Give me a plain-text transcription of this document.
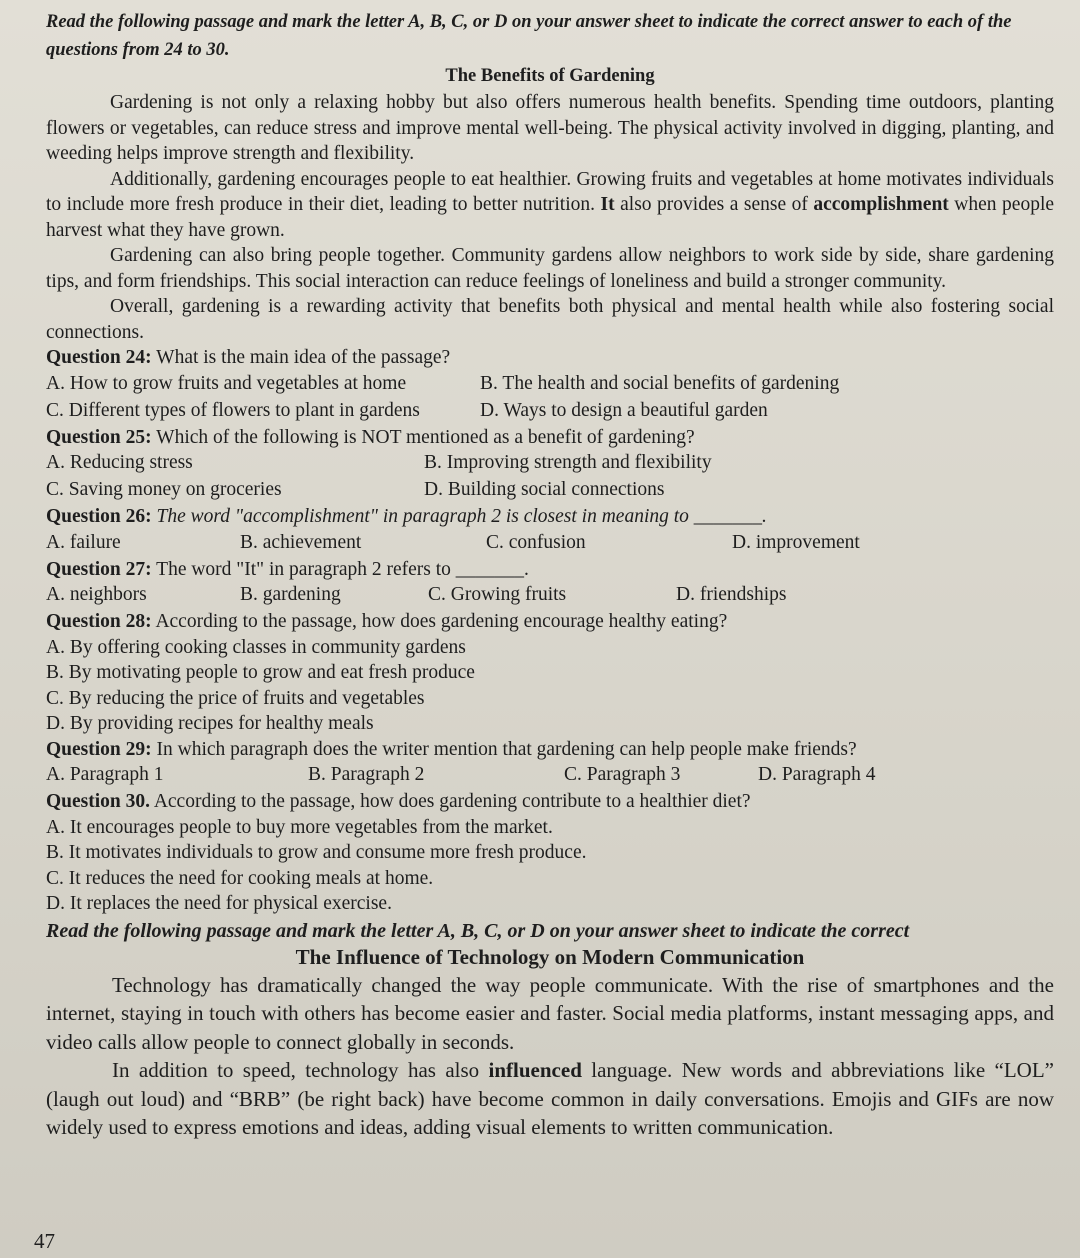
Read the following passage and mark the letter A, B, C, or D on your answer sheet to indicate the correct answer to each of the questions from 24 to 30.

The Benefits of Gardening

Gardening is not only a relaxing hobby but also offers numerous health benefits. Spending time outdoors, planting flowers or vegetables, can reduce stress and improve mental well-being. The physical activity involved in digging, planting, and weeding helps improve strength and flexibility.

Additionally, gardening encourages people to eat healthier. Growing fruits and vegetables at home motivates individuals to include more fresh produce in their diet, leading to better nutrition. It also provides a sense of accomplishment when people harvest what they have grown.

Gardening can also bring people together. Community gardens allow neighbors to work side by side, share gardening tips, and form friendships. This social interaction can reduce feelings of loneliness and build a stronger community.

Overall, gardening is a rewarding activity that benefits both physical and mental health while also fostering social connections.

Question 24: What is the main idea of the passage?

A. How to grow fruits and vegetables at home	B. The health and social benefits of gardening
C. Different types of flowers to plant in gardens	D. Ways to design a beautiful garden

Question 25: Which of the following is NOT mentioned as a benefit of gardening?

A. Reducing stress	B. Improving strength and flexibility
C. Saving money on groceries	D. Building social connections

Question 26: The word "accomplishment" in paragraph 2 is closest in meaning to _______.

A. failure	B. achievement	C. confusion	D. improvement

Question 27: The word "It" in paragraph 2 refers to _______.

A. neighbors	B. gardening	C. Growing fruits	D. friendships

Question 28: According to the passage, how does gardening encourage healthy eating?

A. By offering cooking classes in community gardens

B. By motivating people to grow and eat fresh produce

C. By reducing the price of fruits and vegetables

D. By providing recipes for healthy meals

Question 29: In which paragraph does the writer mention that gardening can help people make friends?

A. Paragraph 1	B. Paragraph 2	C. Paragraph 3	D. Paragraph 4

Question 30. According to the passage, how does gardening contribute to a healthier diet?

A. It encourages people to buy more vegetables from the market.

B. It motivates individuals to grow and consume more fresh produce.

C. It reduces the need for cooking meals at home.

D. It replaces the need for physical exercise.

Read the following passage and mark the letter A, B, C, or D on your answer sheet to indicate the correct

The Influence of Technology on Modern Communication

Technology has dramatically changed the way people communicate. With the rise of smartphones and the internet, staying in touch with others has become easier and faster. Social media platforms, instant messaging apps, and video calls allow people to connect globally in seconds.

In addition to speed, technology has also influenced language. New words and abbreviations like “LOL” (laugh out loud) and “BRB” (be right back) have become common in daily conversations. Emojis and GIFs are now widely used to express emotions and ideas, adding visual elements to written communication.

47
